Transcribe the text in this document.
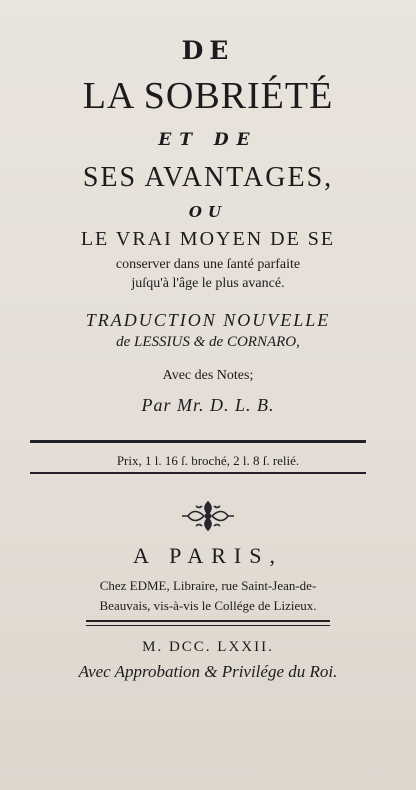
DE
LA SOBRIÉTÉ
ET DE
SES AVANTAGES,
OU
LE VRAI MOYEN DE SE
conserver dans une ſanté parfaite
juſqu'à l'âge le plus avancé.
TRADUCTION NOUVELLE
de LESSIUS & de CORNARO,
Avec des Notes;
Par Mr. D. L. B.
Prix, 1 l. 16 ſ. broché, 2 l. 8 ſ. relié.
A PARIS,
Chez EDME, Libraire, rue Saint-Jean-de-
Beauvais, vis-à-vis le Collége de Lizieux.
M. DCC. LXXII.
Avec Approbation & Privilége du Roi.
